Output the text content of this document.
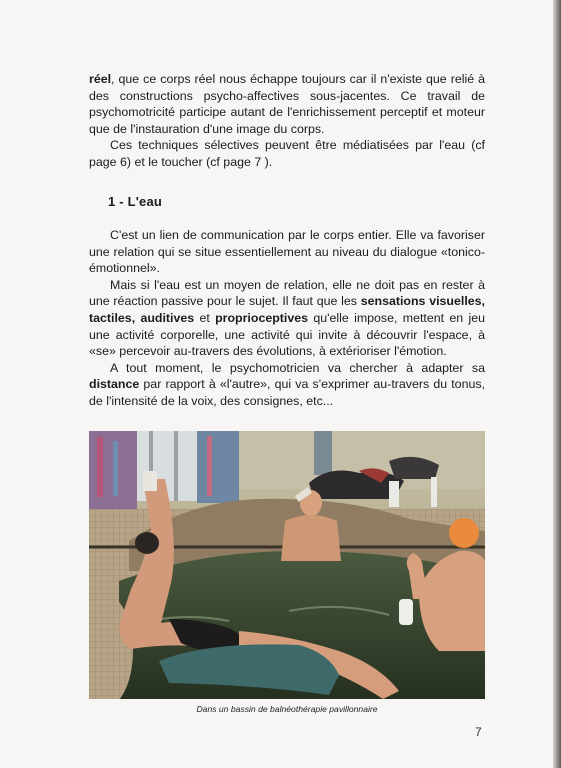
réel, que ce corps réel nous échappe toujours car il n'existe que relié à des constructions psycho-affectives sous-jacentes. Ce travail de psychomotricité participe autant de l'enrichissement perceptif et moteur que de l'instauration d'une image du corps.

Ces techniques sélectives peuvent être médiatisées par l'eau (cf page 6) et le toucher (cf page 7 ).

1 - L'eau

C'est un lien de communication par le corps entier. Elle va favoriser une relation qui se situe essentiellement au niveau du dialogue «tonico-émotionnel».

Mais si l'eau est un moyen de relation, elle ne doit pas en rester à une réaction passive pour le sujet. Il faut que les sensations visuelles, tactiles, auditives et proprioceptives qu'elle impose, mettent en jeu une activité corporelle, une activité qui invite à découvrir l'espace, à «se» percevoir au-travers des évolutions, à extérioriser l'émotion.

A tout moment, le psychomotricien va chercher à adapter sa distance par rapport à «l'autre», qui va s'exprimer au-travers du tonus, de l'intensité de la voix, des consignes, etc...

Dans un bassin de balnéothérapie pavillonnaire
7
